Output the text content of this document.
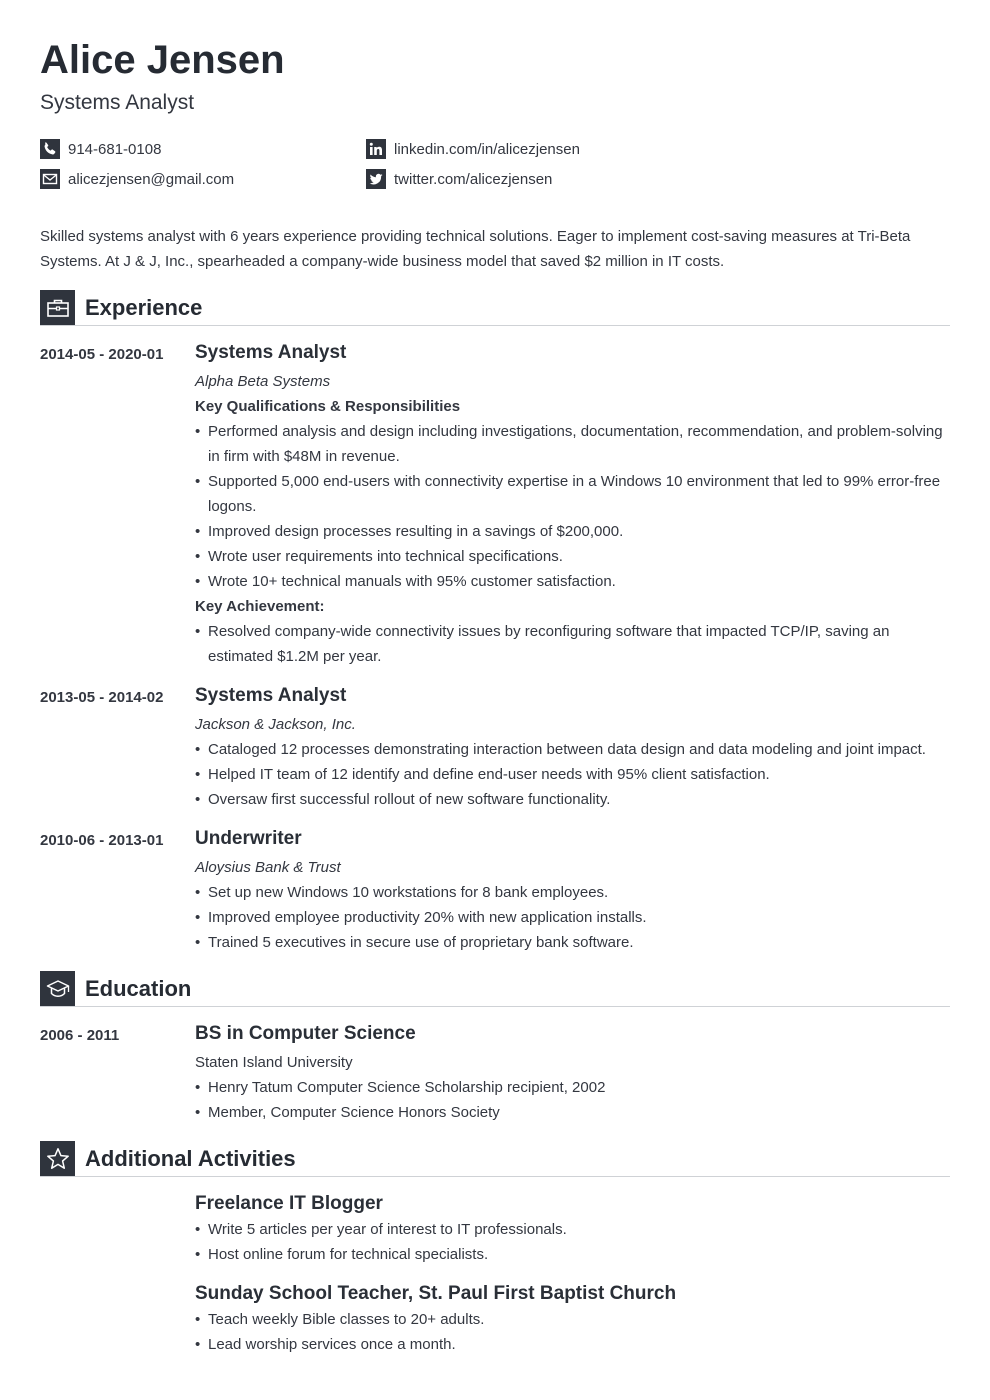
Alice Jensen
Systems Analyst
914-681-0108	linkedin.com/in/alicezjensen
alicezjensen@gmail.com	twitter.com/alicezjensen
Skilled systems analyst with 6 years experience providing technical solutions. Eager to implement cost-saving measures at Tri-Beta Systems. At J & J, Inc., spearheaded a company-wide business model that saved $2 million in IT costs.
Experience
2014-05 - 2020-01	Systems Analyst
Alpha Beta Systems
Key Qualifications & Responsibilities
• Performed analysis and design including investigations, documentation, recommendation, and problem-solving in firm with $48M in revenue.
• Supported 5,000 end-users with connectivity expertise in a Windows 10 environment that led to 99% error-free logons.
• Improved design processes resulting in a savings of $200,000.
• Wrote user requirements into technical specifications.
• Wrote 10+ technical manuals with 95% customer satisfaction.
Key Achievement:
• Resolved company-wide connectivity issues by reconfiguring software that impacted TCP/IP, saving an estimated $1.2M per year.
2013-05 - 2014-02	Systems Analyst
Jackson & Jackson, Inc.
• Cataloged 12 processes demonstrating interaction between data design and data modeling and joint impact.
• Helped IT team of 12 identify and define end-user needs with 95% client satisfaction.
• Oversaw first successful rollout of new software functionality.
2010-06 - 2013-01	Underwriter
Aloysius Bank & Trust
• Set up new Windows 10 workstations for 8 bank employees.
• Improved employee productivity 20% with new application installs.
• Trained 5 executives in secure use of proprietary bank software.
Education
2006 - 2011	BS in Computer Science
Staten Island University
• Henry Tatum Computer Science Scholarship recipient, 2002
• Member, Computer Science Honors Society
Additional Activities
Freelance IT Blogger
• Write 5 articles per year of interest to IT professionals.
• Host online forum for technical specialists.
Sunday School Teacher, St. Paul First Baptist Church
• Teach weekly Bible classes to 20+ adults.
• Lead worship services once a month.
